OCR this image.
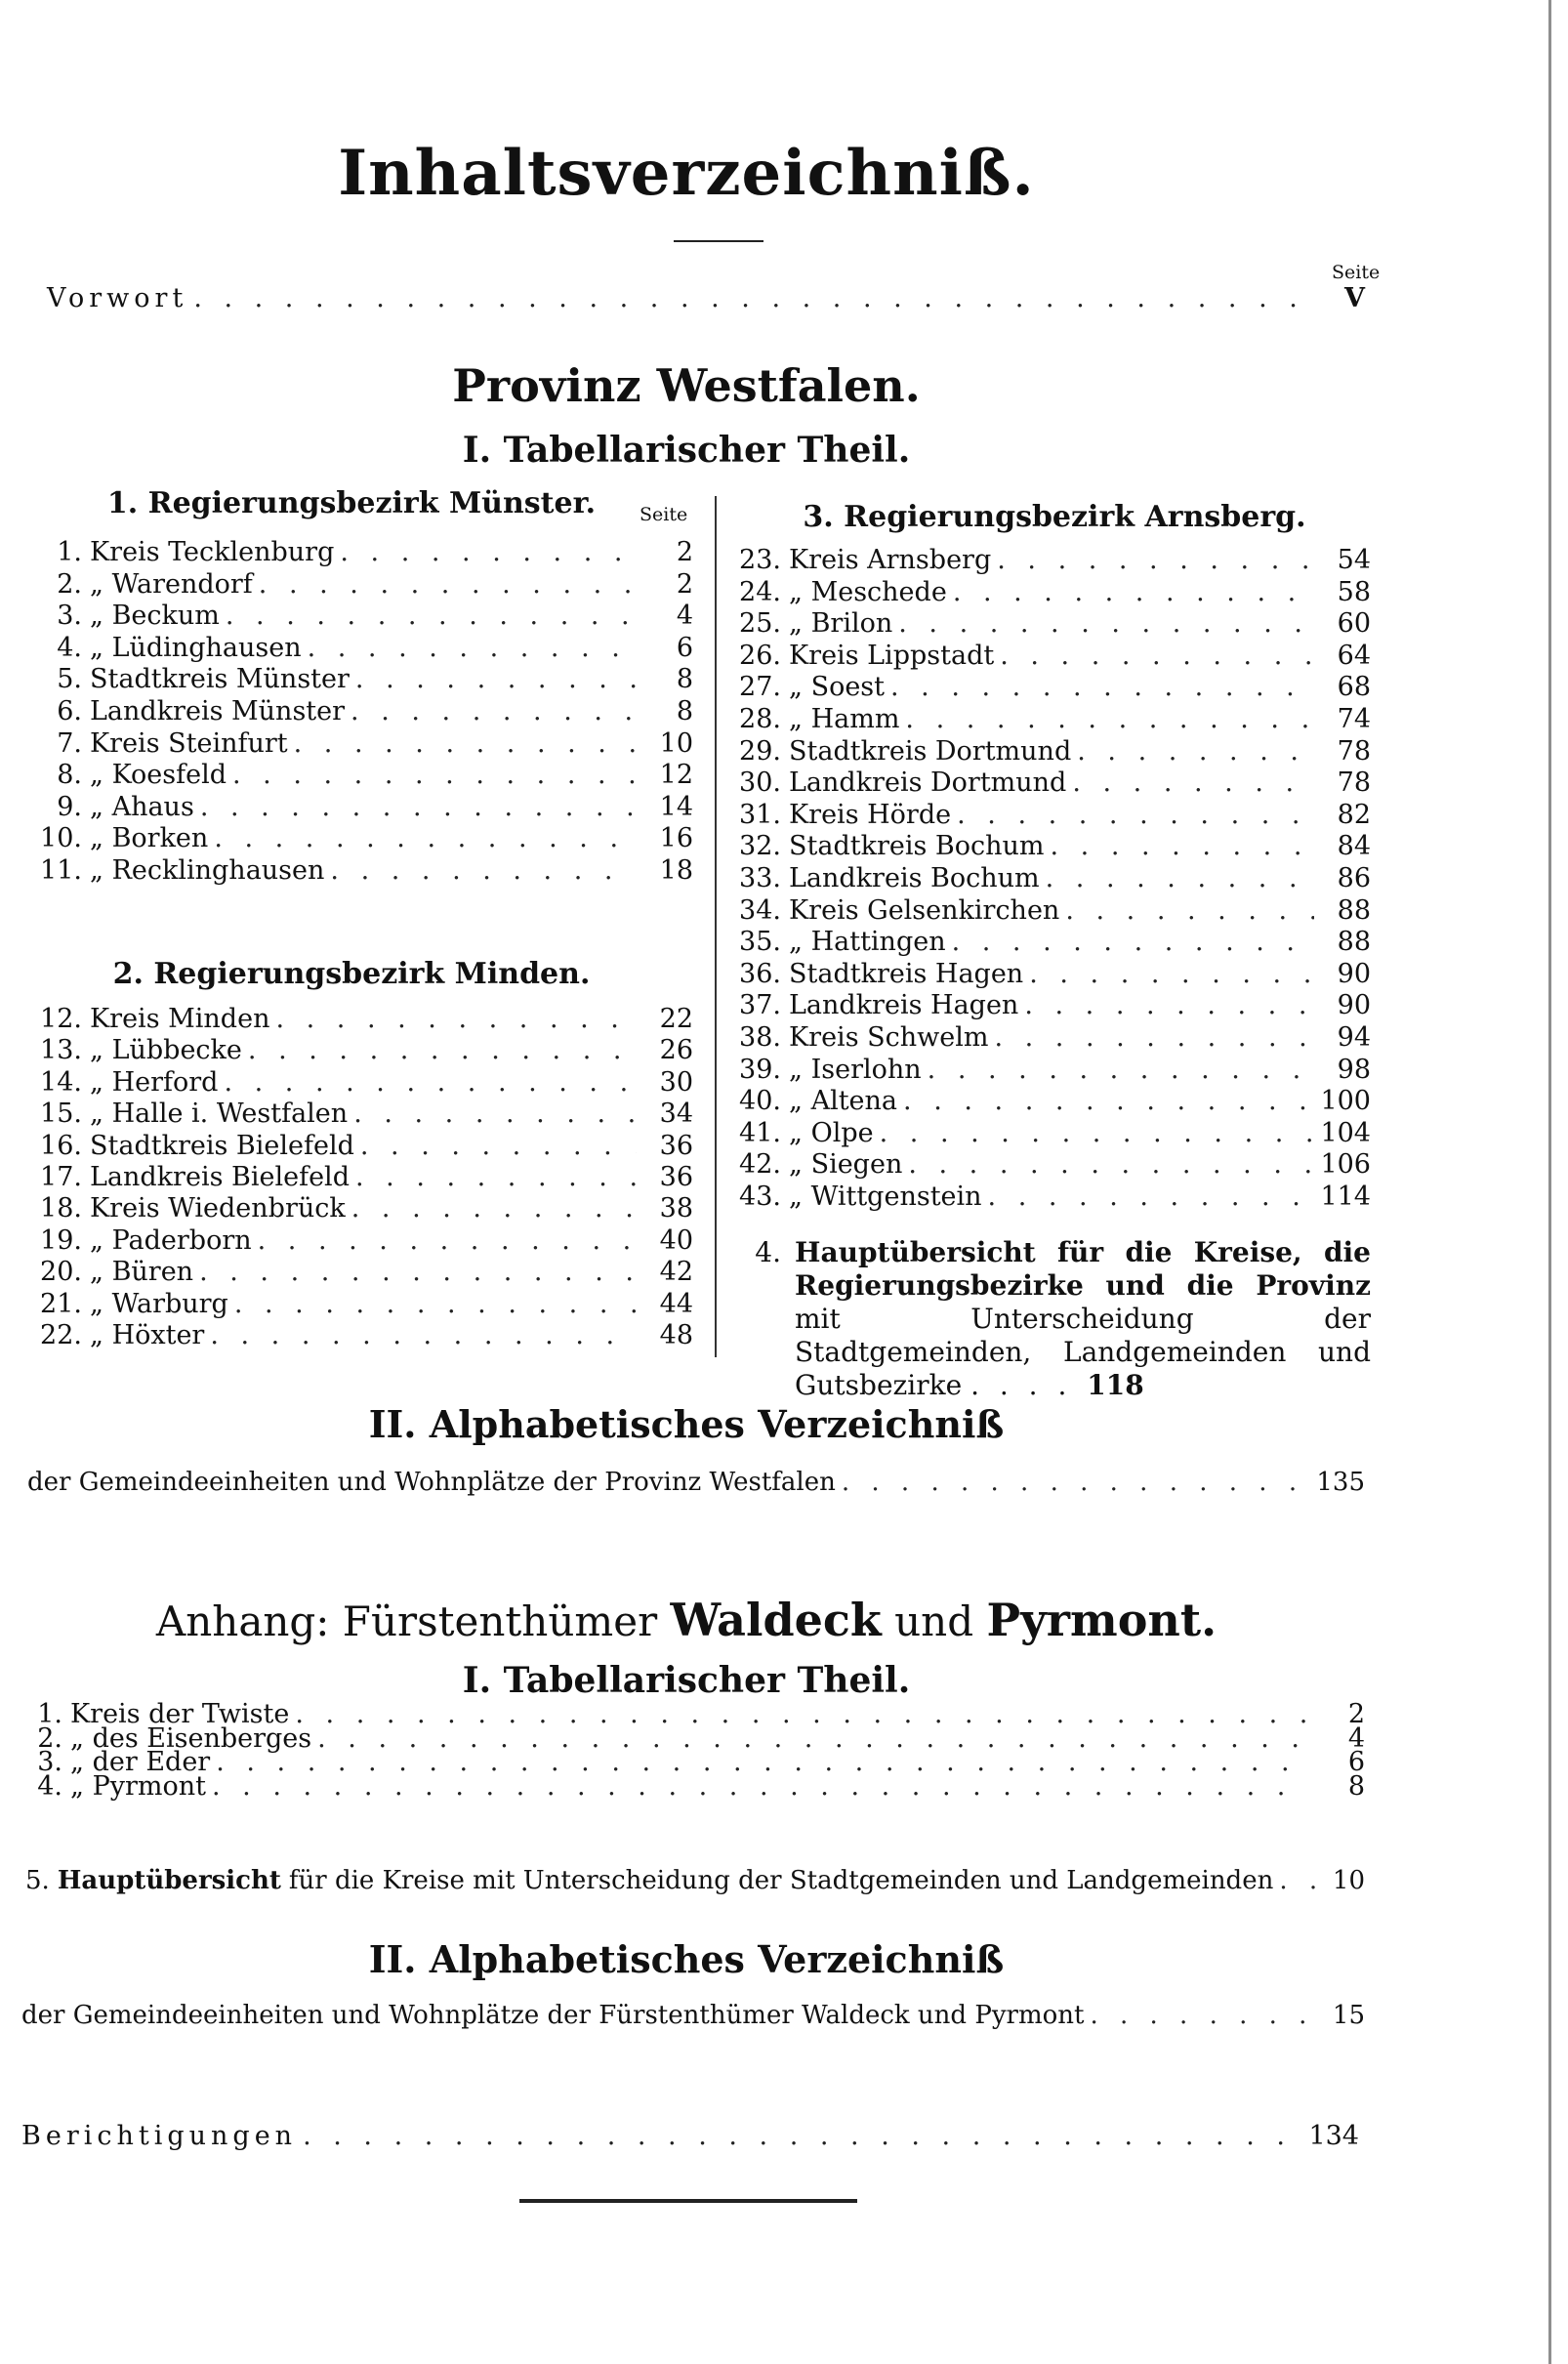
Inhaltsverzeichniß.
Seite
Vorwort . . .	V
Provinz Westfalen.
I. Tabellarischer Theil.
1. Regierungsbezirk Münster.	Seite
1. Kreis Tecklenburg . . .	2
2. „ Warendorf . . .	2
3. „ Beckum . . .	4
4. „ Lüdinghausen . . .	6
5. Stadtkreis Münster . . .	8
6. Landkreis Münster . . .	8
7. Kreis Steinfurt . . .	10
8. „ Koesfeld . . .	12
9. „ Ahaus . . .	14
10. „ Borken . . .	16
11. „ Recklinghausen . . .	18
2. Regierungsbezirk Minden.
12. Kreis Minden . . .	22
13. „ Lübbecke . . .	26
14. „ Herford . . .	30
15. „ Halle i. Westfalen . . .	34
16. Stadtkreis Bielefeld . . .	36
17. Landkreis Bielefeld . . .	36
18. Kreis Wiedenbrück . . .	38
19. „ Paderborn . . .	40
20. „ Büren . . .	42
21. „ Warburg . . .	44
22. „ Höxter . . .	48
3. Regierungsbezirk Arnsberg.
23. Kreis Arnsberg . . .	54
24. „ Meschede . . .	58
25. „ Brilon . . .	60
26. Kreis Lippstadt . . .	64
27. „ Soest . . .	68
28. „ Hamm . . .	74
29. Stadtkreis Dortmund . . .	78
30. Landkreis Dortmund . . .	78
31. Kreis Hörde . . .	82
32. Stadtkreis Bochum . . .	84
33. Landkreis Bochum . . .	86
34. Kreis Gelsenkirchen . . .	88
35. „ Hattingen . . .	88
36. Stadtkreis Hagen . . .	90
37. Landkreis Hagen . . .	90
38. Kreis Schwelm . . .	94
39. „ Iserlohn . . .	98
40. „ Altena . . .	100
41. „ Olpe . . .	104
42. „ Siegen . . .	106
43. „ Wittgenstein . . .	114
4. Hauptübersicht für die Kreise, die Regierungsbezirke und die Provinz mit Unterscheidung der Stadtgemeinden, Landgemeinden und Gutsbezirke . . . . 118
II. Alphabetisches Verzeichniß
der Gemeindeeinheiten und Wohnplätze der Provinz Westfalen . . .	135
Anhang: Fürstenthümer Waldeck und Pyrmont.
I. Tabellarischer Theil.
1. Kreis der Twiste . . .	2
2. „ des Eisenberges . . .	4
3. „ der Eder . . .	6
4. „ Pyrmont . . .	8
5. Hauptübersicht für die Kreise mit Unterscheidung der Stadtgemeinden und Landgemeinden . . . 10
II. Alphabetisches Verzeichniß
der Gemeindeeinheiten und Wohnplätze der Fürstenthümer Waldeck und Pyrmont . . .	15
Berichtigungen . . .	134
